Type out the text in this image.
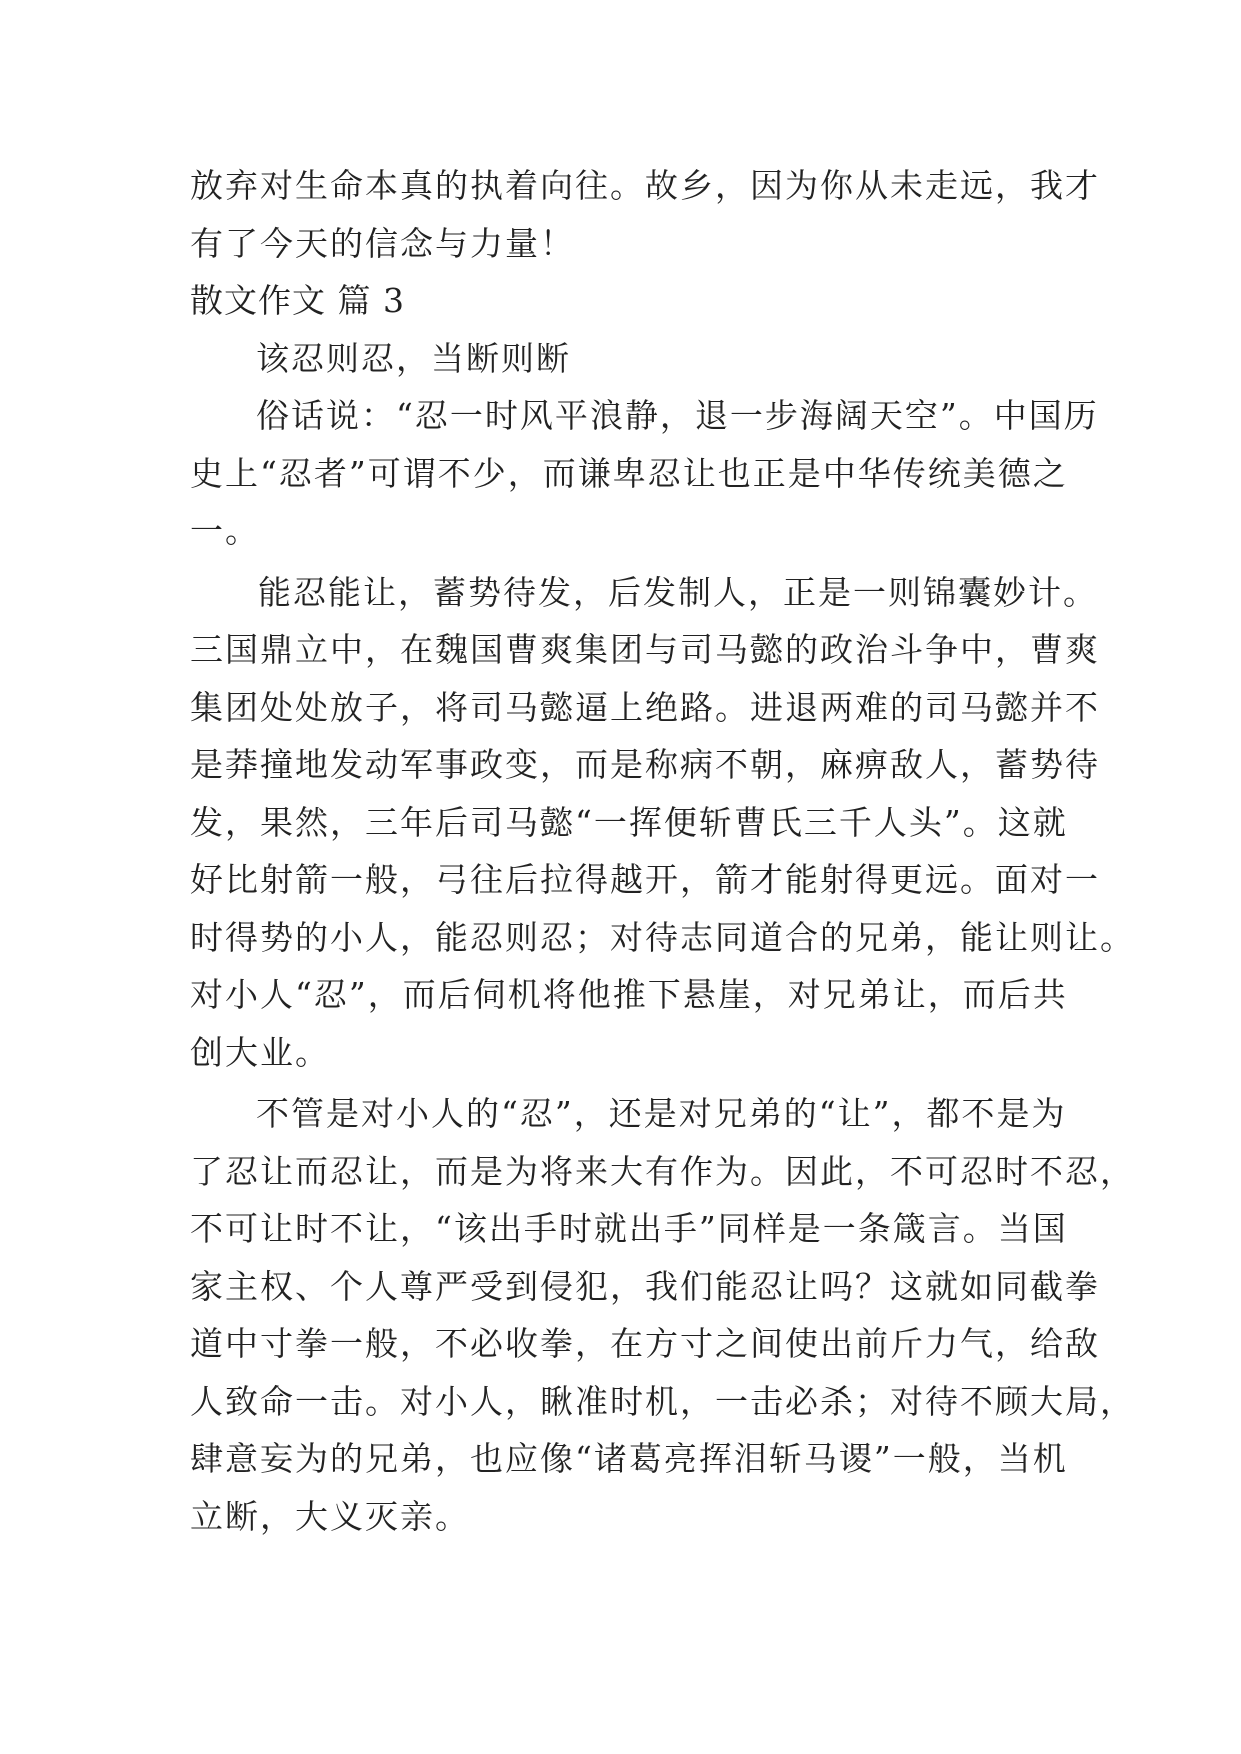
放弃对生命本真的执着向往。故乡，因为你从未走远，我才
有了今天的信念与力量！
散文作文 篇 3
该忍则忍，当断则断
俗话说：“忍一时风平浪静，退一步海阔天空”。中国历
史上“忍者”可谓不少，而谦卑忍让也正是中华传统美德之
一。
能忍能让，蓄势待发，后发制人，正是一则锦囊妙计。
三国鼎立中，在魏国曹爽集团与司马懿的政治斗争中，曹爽
集团处处放子，将司马懿逼上绝路。进退两难的司马懿并不
是莽撞地发动军事政变，而是称病不朝，麻痹敌人，蓄势待
发，果然，三年后司马懿“一挥便斩曹氏三千人头”。这就
好比射箭一般，弓往后拉得越开，箭才能射得更远。面对一
时得势的小人，能忍则忍；对待志同道合的兄弟，能让则让。
对小人“忍”，而后伺机将他推下悬崖，对兄弟让，而后共
创大业。
不管是对小人的“忍”，还是对兄弟的“让”，都不是为
了忍让而忍让，而是为将来大有作为。因此，不可忍时不忍，
不可让时不让，“该出手时就出手”同样是一条箴言。当国
家主权、个人尊严受到侵犯，我们能忍让吗？这就如同截拳
道中寸拳一般，不必收拳，在方寸之间使出前斤力气，给敌
人致命一击。对小人，瞅准时机，一击必杀；对待不顾大局，
肆意妄为的兄弟，也应像“诸葛亮挥泪斩马谡”一般，当机
立断，大义灭亲。
